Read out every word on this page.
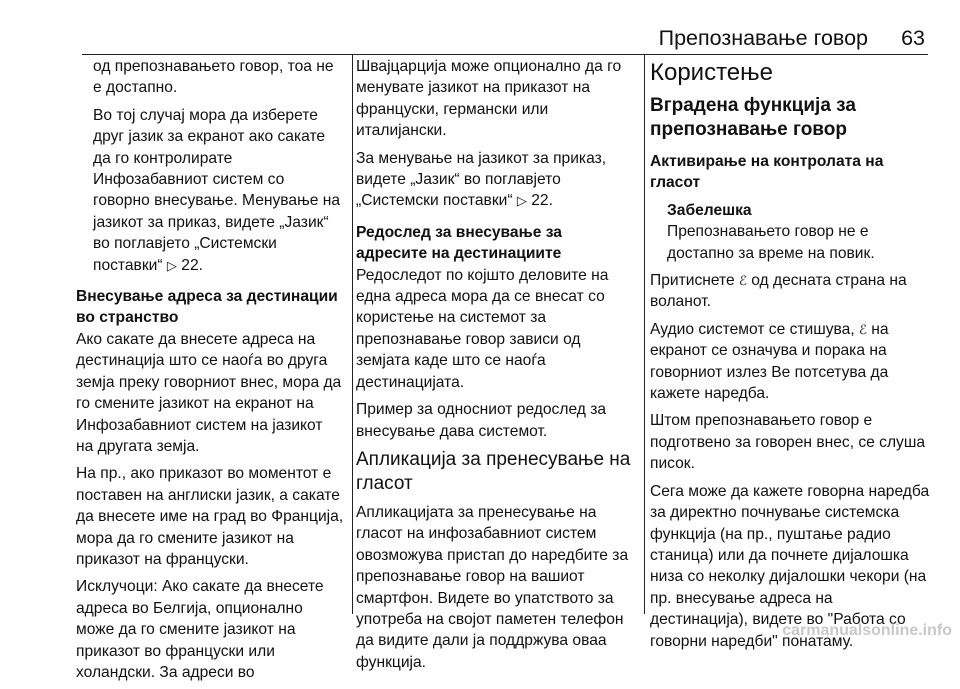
Препознавање говор 63

од препознавањето говор, тоа не е достапно.

Во тој случај мора да изберете друг јазик за екранот ако сакате да го контролирате Инфозабавниот систем со говорно внесување. Менување на јазикот за приказ, видете „Јазик“ во поглавјето „Системски поставки“ ▷ 22.

Внесување адреса за дестинации во странство

Ако сакате да внесете адреса на дестинација што се наоѓа во друга земја преку говорниот внес, мора да го смените јазикот на екранот на Инфозабавниот систем на јазикот на другата земја.

На пр., ако приказот во моментот е поставен на англиски јазик, а сакате да внесете име на град во Франција, мора да го смените јазикот на приказот на француски.

Исклучоци: Ако сакате да внесете адреса во Белгија, опционално може да го смените јазикот на приказот во француски или холандски. За адреси во

Швајцарција може опционално да го менувате јазикот на приказот на француски, германски или италијански.

За менување на јазикот за приказ, видете „Јазик“ во поглавјето „Системски поставки“ ▷ 22.

Редослед за внесување за адресите на дестинациите

Редоследот по којшто деловите на една адреса мора да се внесат со користење на системот за препознавање говор зависи од земјата каде што се наоѓа дестинацијата.

Пример за односниот редослед за внесување дава системот.

Апликација за пренесување на гласот

Апликацијата за пренесување на гласот на инфозабавниот систем овозможува пристап до наредбите за препознавање говор на вашиот смартфон. Видете во упатството за употреба на својот паметен телефон да видите дали ја поддржува оваа функција.

Користење

Вградена функција за препознавање говор

Активирање на контролата на гласот

Забелешка
Препознавањето говор не е достапно за време на повик.

Притиснете ℰ од десната страна на воланот.

Аудио системот се стишува, ℰ на екранот се означува и порака на говорниот излез Ве потсетува да кажете наредба.

Штом препознавањето говор е подготвено за говорен внес, се слуша писок.

Сега може да кажете говорна наредба за директно почнување системска функција (на пр., пуштање радио станица) или да почнете дијалошка низа со неколку дијалошки чекори (на пр. внесување адреса на дестинација), видете во "Работа со говорни наредби" понатаму.

carmanualsonline.info
